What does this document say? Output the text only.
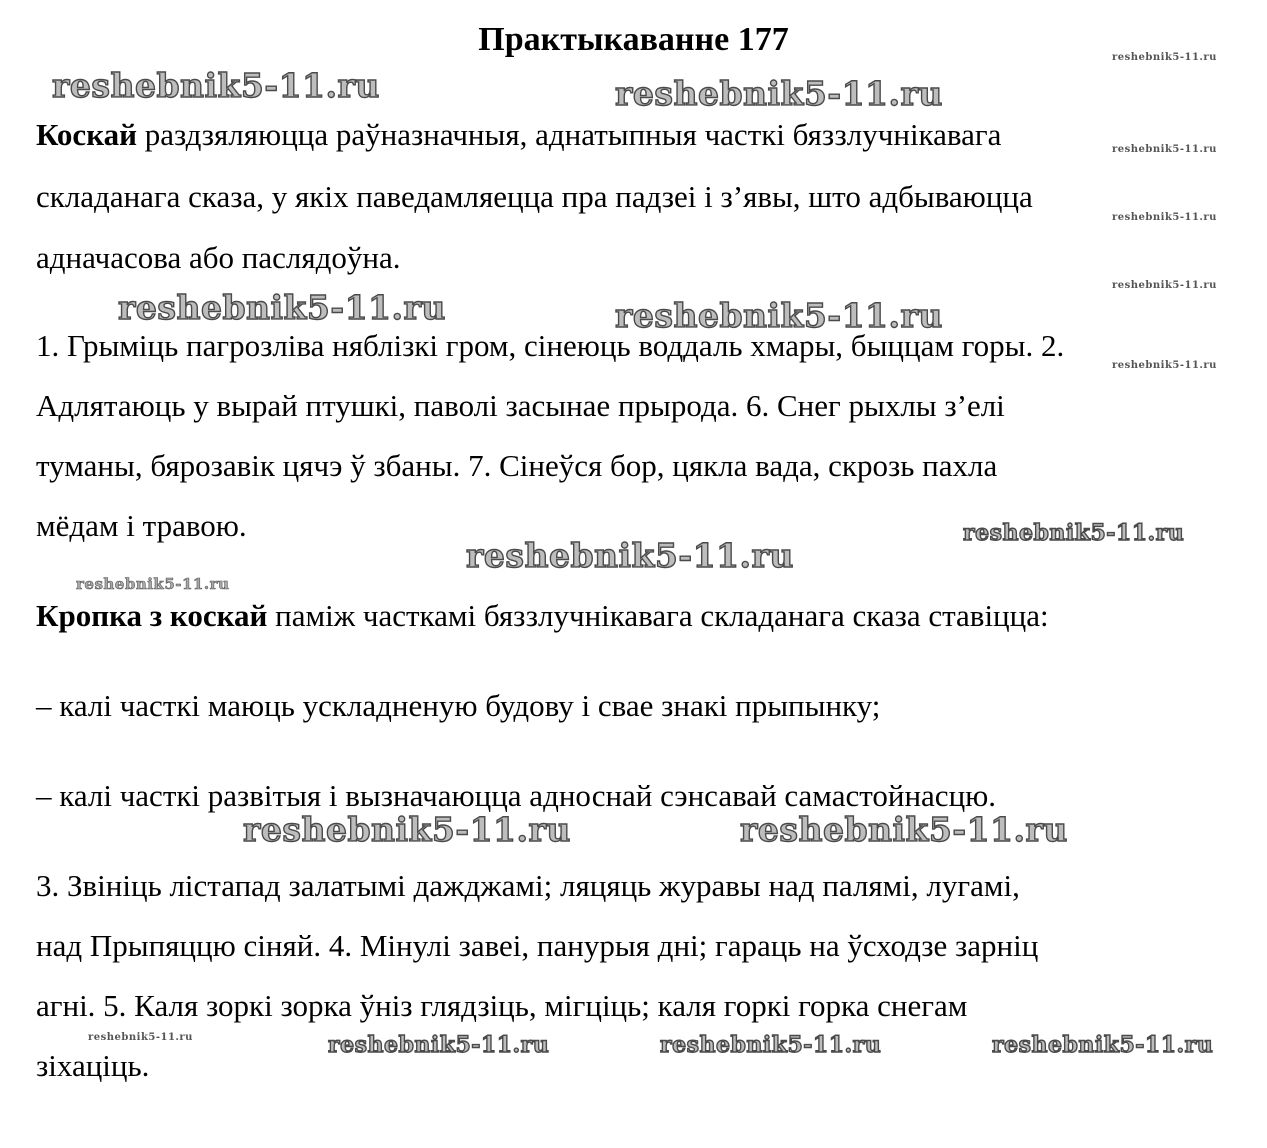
Практыкаванне 177
Коскай раздзяляюцца раўназначныя, аднатыпныя часткі бяззлучнікавага
складанага сказа, у якіх паведамляецца пра падзеі і з’явы, што адбываюцца
адначасова або паслядоўна.
1. Грыміць пагрозліва няблізкі гром, сінеюць воддаль хмары, быццам горы. 2.
Адлятаюць у вырай птушкі, паволі засынае прырода. 6. Снег рыхлы з’елі
туманы, бярозавік цячэ ў збаны. 7. Сінеўся бор, цякла вада, скрозь пахла
мёдам і травою.
Кропка з коскай паміж часткамі бяззлучнікавага складанага сказа ставіцца:
– калі часткі маюць ускладненую будову і свае знакі прыпынку;
– калі часткі развітыя і вызначаюцца адноснай сэнсавай самастойнасцю.
3. Звініць лістапад залатымі дажджамі; ляцяць журавы над палямі, лугамі,
над Прыпяццю сіняй. 4. Мінулі завеі, панурыя дні; гараць на ўсходзе зарніц
агні. 5. Каля зоркі зорка ўніз глядзіць, мігціць; каля горкі горка снегам
зіхаціць.
reshebnik5-11.ru	reshebnik5-11.ru
reshebnik5-11.ru	reshebnik5-11.ru
reshebnik5-11.ru
reshebnik5-11.ru	reshebnik5-11.ru
reshebnik5-11.ru
reshebnik5-11.ru	reshebnik5-11.ru	reshebnik5-11.ru
reshebnik5-11.ru
reshebnik5-11.ru
reshebnik5-11.ru
reshebnik5-11.ru
reshebnik5-11.ru
reshebnik5-11.ru
reshebnik5-11.ru
